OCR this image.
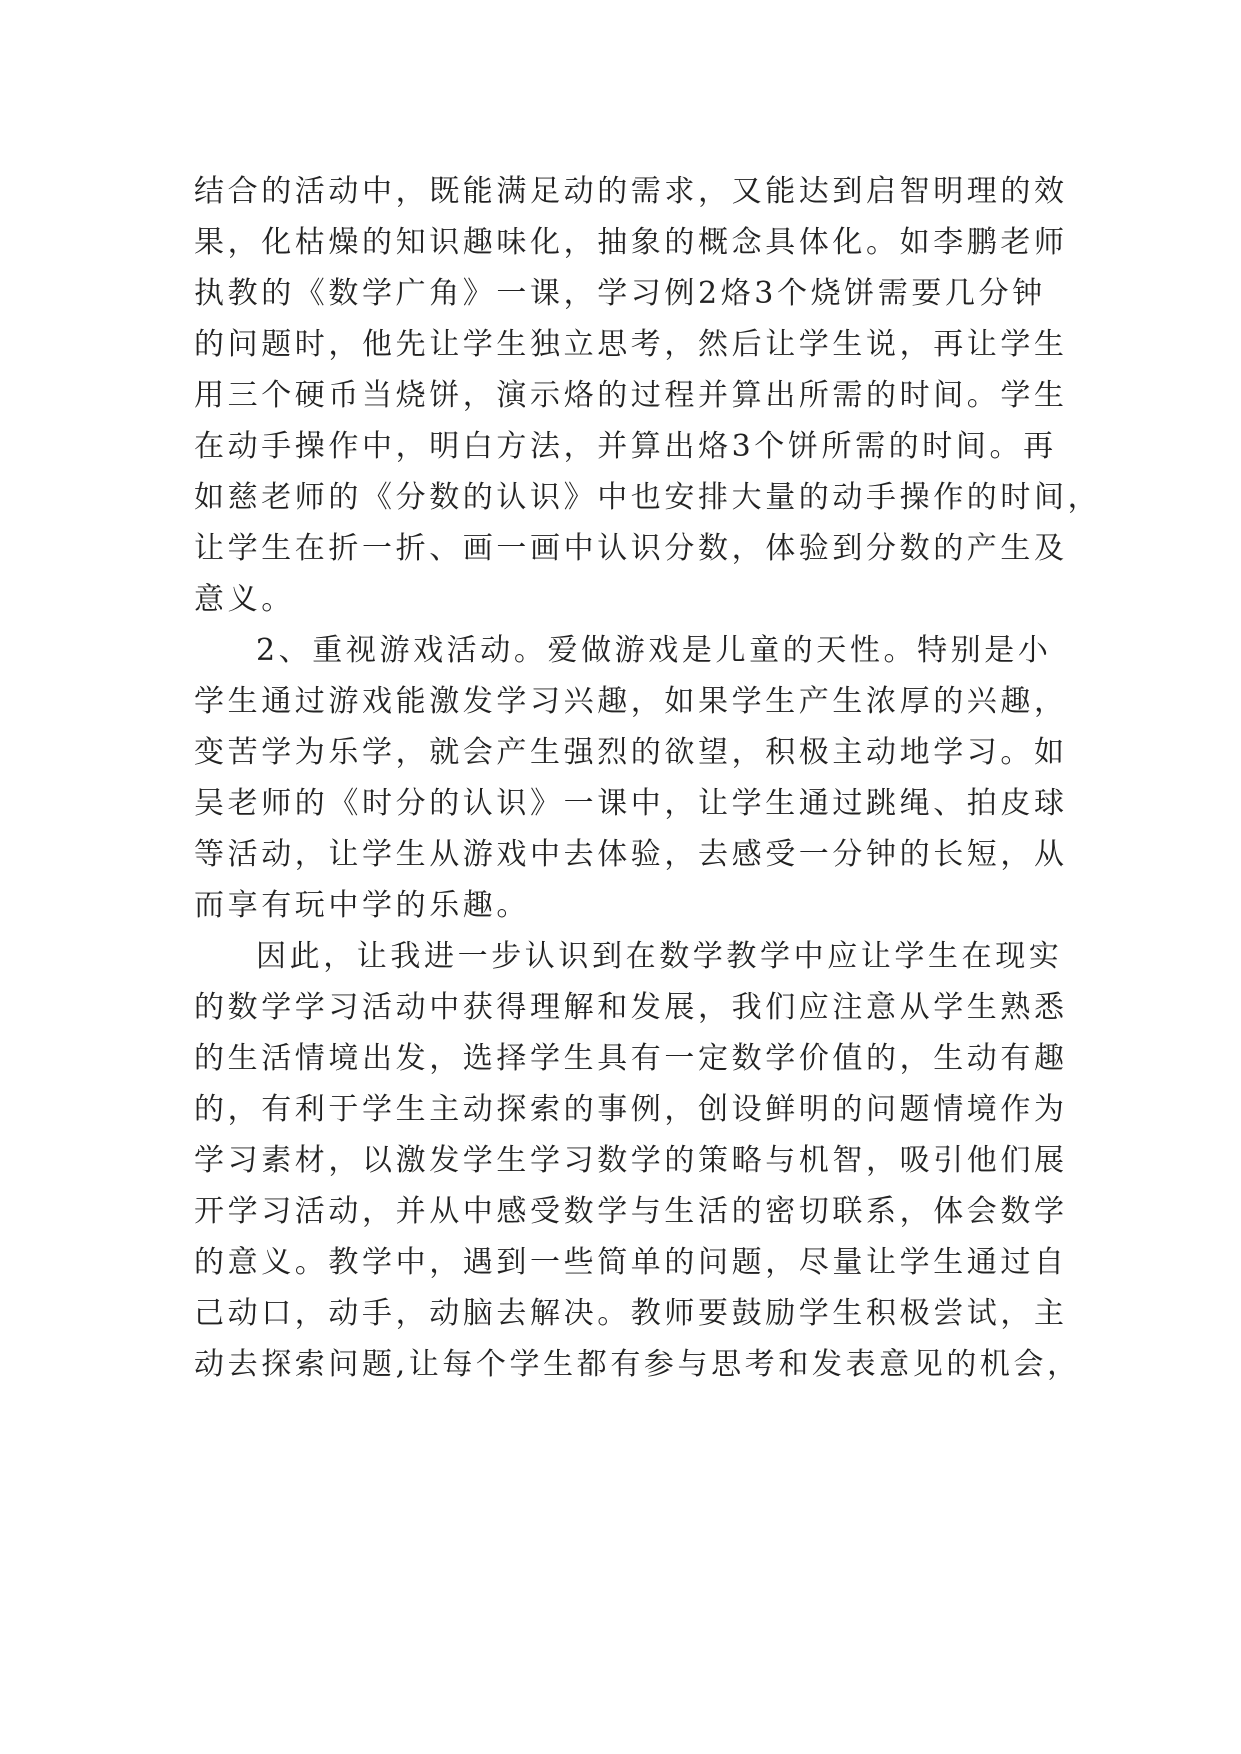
结合的活动中，既能满足动的需求，又能达到启智明理的效
果，化枯燥的知识趣味化，抽象的概念具体化。如李鹏老师
执教的《数学广角》一课，学习例2烙3个烧饼需要几分钟
的问题时，他先让学生独立思考，然后让学生说，再让学生
用三个硬币当烧饼，演示烙的过程并算出所需的时间。学生
在动手操作中，明白方法，并算出烙3个饼所需的时间。再
如慈老师的《分数的认识》中也安排大量的动手操作的时间，
让学生在折一折、画一画中认识分数，体验到分数的产生及
意义。
2、重视游戏活动。爱做游戏是儿童的天性。特别是小
学生通过游戏能激发学习兴趣，如果学生产生浓厚的兴趣，
变苦学为乐学，就会产生强烈的欲望，积极主动地学习。如
吴老师的《时分的认识》一课中，让学生通过跳绳、拍皮球
等活动，让学生从游戏中去体验，去感受一分钟的长短，从
而享有玩中学的乐趣。
因此，让我进一步认识到在数学教学中应让学生在现实
的数学学习活动中获得理解和发展，我们应注意从学生熟悉
的生活情境出发，选择学生具有一定数学价值的，生动有趣
的，有利于学生主动探索的事例，创设鲜明的问题情境作为
学习素材，以激发学生学习数学的策略与机智，吸引他们展
开学习活动，并从中感受数学与生活的密切联系，体会数学
的意义。教学中，遇到一些简单的问题，尽量让学生通过自
己动口，动手，动脑去解决。教师要鼓励学生积极尝试，主
动去探索问题,让每个学生都有参与思考和发表意见的机会，
